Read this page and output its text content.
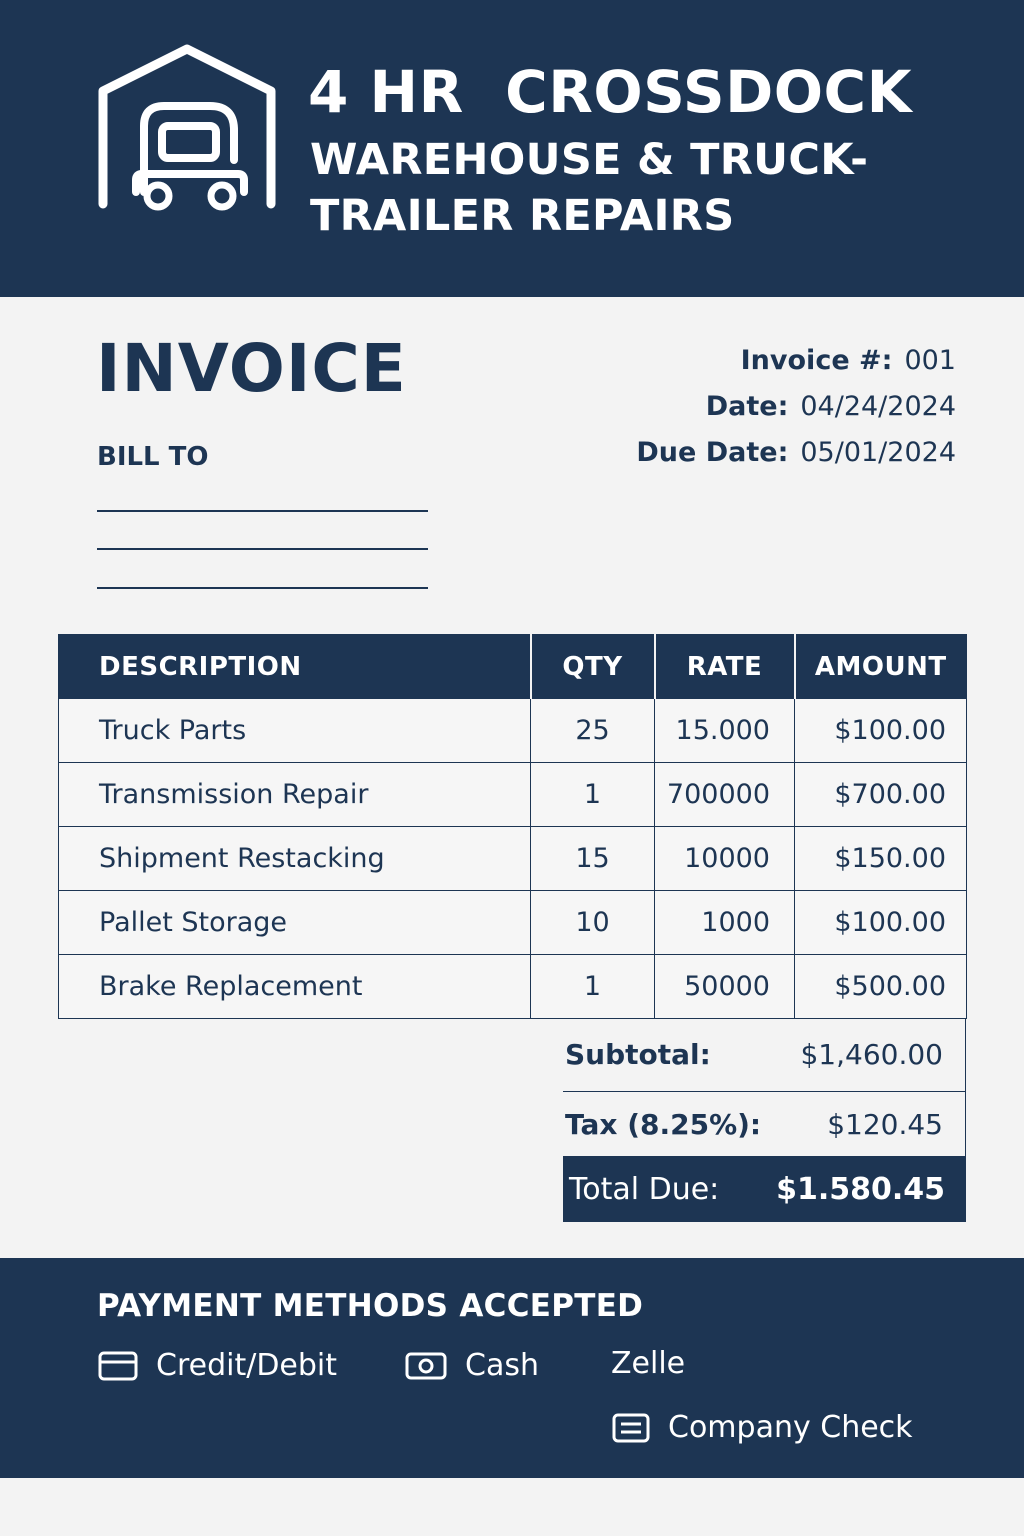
4 HR  CROSSDOCK
WAREHOUSE & TRUCK-TRAILER REPAIRS
INVOICE
BILL TO
Invoice #: 001
Date: 04/24/2024
Due Date: 05/01/2024
DESCRIPTION	QTY	RATE	AMOUNT
Truck Parts	25	15.000	$100.00
Transmission Repair	1	700000	$700.00
Shipment Restacking	15	10000	$150.00
Pallet Storage	10	1000	$100.00
Brake Replacement	1	50000	$500.00
Subtotal:	$1,460.00
Tax (8.25%): $120.45
Total Due: $1.580.45
PAYMENT METHODS ACCEPTED
Credit/Debit	Cash Zelle
Company Check
